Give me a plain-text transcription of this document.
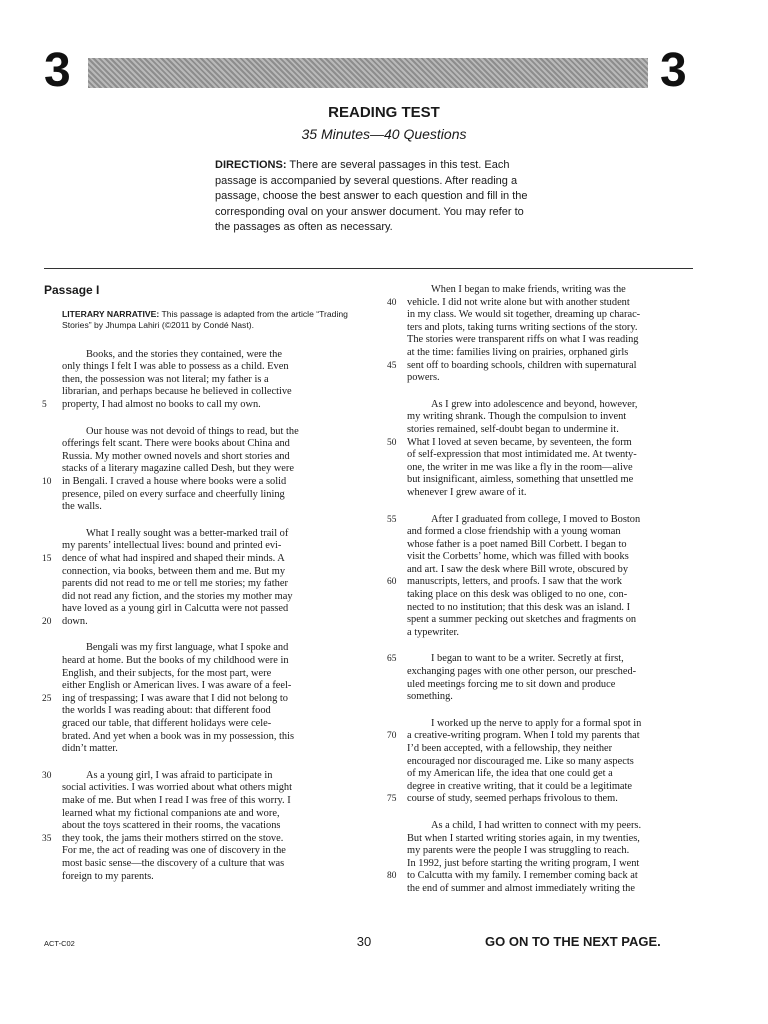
3	3
READING TEST
35 Minutes—40 Questions
DIRECTIONS: There are several passages in this test. Each passage is accompanied by several questions. After reading a passage, choose the best answer to each question and fill in the corresponding oval on your answer document. You may refer to the passages as often as necessary.
Passage I
LITERARY NARRATIVE: This passage is adapted from the article “Trading Stories” by Jhumpa Lahiri (©2011 by Condé Nast).
Books, and the stories they contained, were the
only things I felt I was able to possess as a child. Even
then, the possession was not literal; my father is a
librarian, and perhaps because he believed in collective
5	property, I had almost no books to call my own.
Our house was not devoid of things to read, but the
offerings felt scant. There were books about China and
Russia. My mother owned novels and short stories and
stacks of a literary magazine called Desh, but they were
10	in Bengali. I craved a house where books were a solid
presence, piled on every surface and cheerfully lining
the walls.
What I really sought was a better-marked trail of
my parents’ intellectual lives: bound and printed evi-
15	dence of what had inspired and shaped their minds. A
connection, via books, between them and me. But my
parents did not read to me or tell me stories; my father
did not read any fiction, and the stories my mother may
have loved as a young girl in Calcutta were not passed
20	down.
Bengali was my first language, what I spoke and
heard at home. But the books of my childhood were in
English, and their subjects, for the most part, were
either English or American lives. I was aware of a feel-
25	ing of trespassing; I was aware that I did not belong to
the worlds I was reading about: that different food
graced our table, that different holidays were cele-
brated. And yet when a book was in my possession, this
didn’t matter.
30	As a young girl, I was afraid to participate in
social activities. I was worried about what others might
make of me. But when I read I was free of this worry. I
learned what my fictional companions ate and wore,
about the toys scattered in their rooms, the vacations
35	they took, the jams their mothers stirred on the stove.
For me, the act of reading was one of discovery in the
most basic sense—the discovery of a culture that was
foreign to my parents.
When I began to make friends, writing was the
40	vehicle. I did not write alone but with another student
in my class. We would sit together, dreaming up charac-
ters and plots, taking turns writing sections of the story.
The stories were transparent riffs on what I was reading
at the time: families living on prairies, orphaned girls
45	sent off to boarding schools, children with supernatural
powers.
As I grew into adolescence and beyond, however,
my writing shrank. Though the compulsion to invent
stories remained, self-doubt began to undermine it.
50	What I loved at seven became, by seventeen, the form
of self-expression that most intimidated me. At twenty-
one, the writer in me was like a fly in the room—alive
but insignificant, aimless, something that unsettled me
whenever I grew aware of it.
55	After I graduated from college, I moved to Boston
and formed a close friendship with a young woman
whose father is a poet named Bill Corbett. I began to
visit the Corbetts’ home, which was filled with books
and art. I saw the desk where Bill wrote, obscured by
60	manuscripts, letters, and proofs. I saw that the work
taking place on this desk was obliged to no one, con-
nected to no institution; that this desk was an island. I
spent a summer pecking out sketches and fragments on
a typewriter.
65	I began to want to be a writer. Secretly at first,
exchanging pages with one other person, our presched-
uled meetings forcing me to sit down and produce
something.
I worked up the nerve to apply for a formal spot in
70	a creative-writing program. When I told my parents that
I’d been accepted, with a fellowship, they neither
encouraged nor discouraged me. Like so many aspects
of my American life, the idea that one could get a
degree in creative writing, that it could be a legitimate
75	course of study, seemed perhaps frivolous to them.
As a child, I had written to connect with my peers.
But when I started writing stories again, in my twenties,
my parents were the people I was struggling to reach.
In 1992, just before starting the writing program, I went
80	to Calcutta with my family. I remember coming back at
the end of summer and almost immediately writing the
ACT-C02	30	GO ON TO THE NEXT PAGE.
